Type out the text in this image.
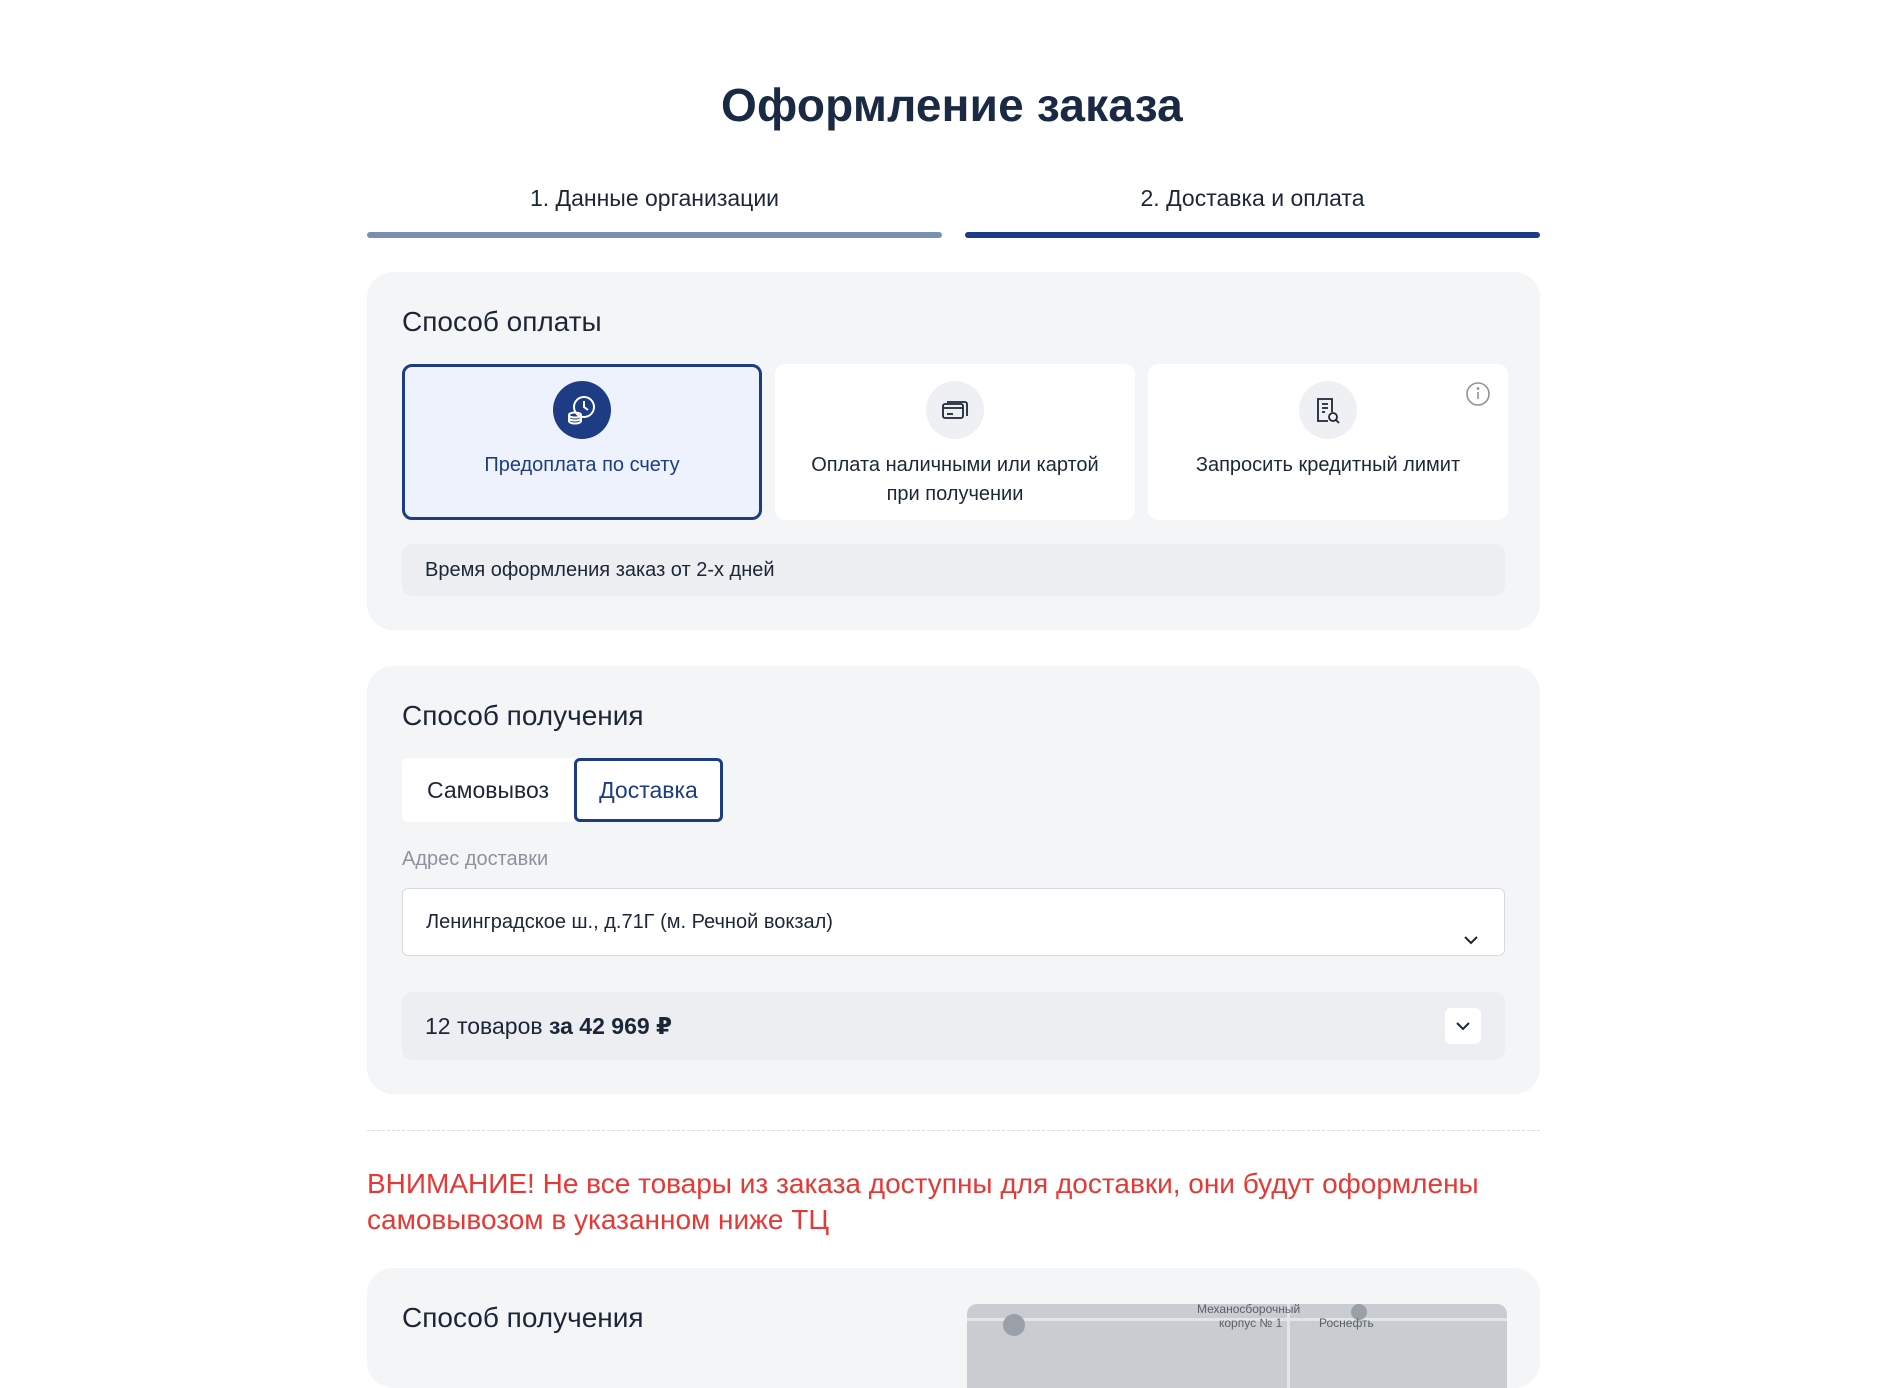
Оформление заказа
1. Данные организации	2. Доставка и оплата
Способ оплаты
Предоплата по счету	Оплата наличными или картой при получении
Запросить кредитный лимит
Время оформления заказ от 2-х дней
Способ получения
Самовывоз	Доставка
Адрес доставки
Ленинградское ш., д.71Г (м. Речной вокзал)
12 товаров за 42 969 ₽

ВНИМАНИЕ! Не все товары из заказа доступны для доставки, они будут оформлены самовывозом в указанном ниже ТЦ

Способ получения	Механосборочный
корпус № 1	Роснефть
